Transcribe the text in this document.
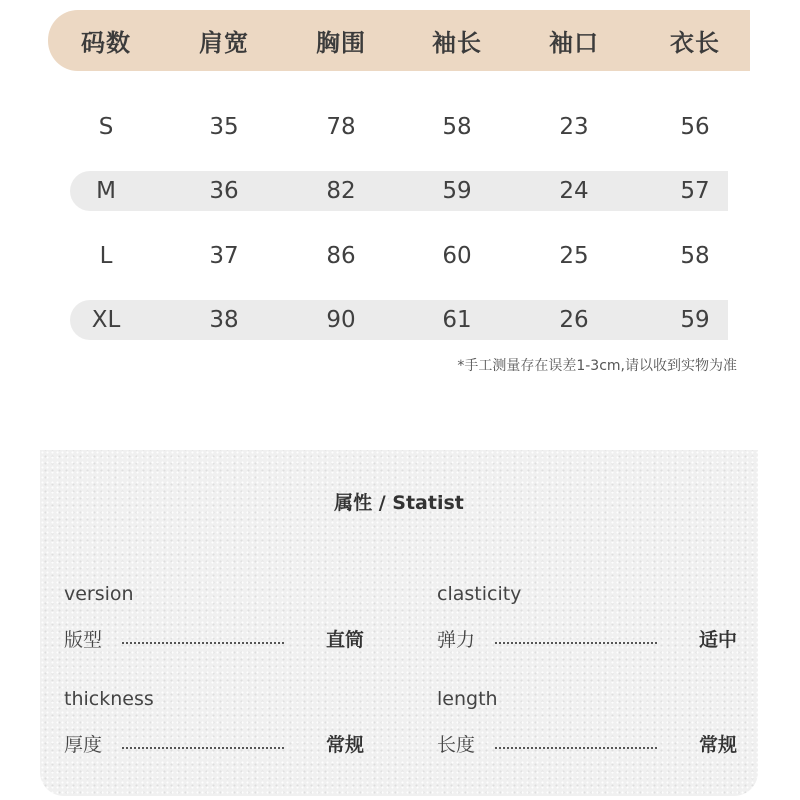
码数	肩宽	胸围	袖长	袖口	衣长
S	35	78	58	23	56
M	36	82	59	24	57
L	37	86	60	25	58
XL	38	90	61	26	59
*手工测量存在误差1-3cm,请以收到实物为准
属性 / Statist
version
版型	直筒
clasticity
弹力	适中
thickness
厚度	常规
length
长度	常规
